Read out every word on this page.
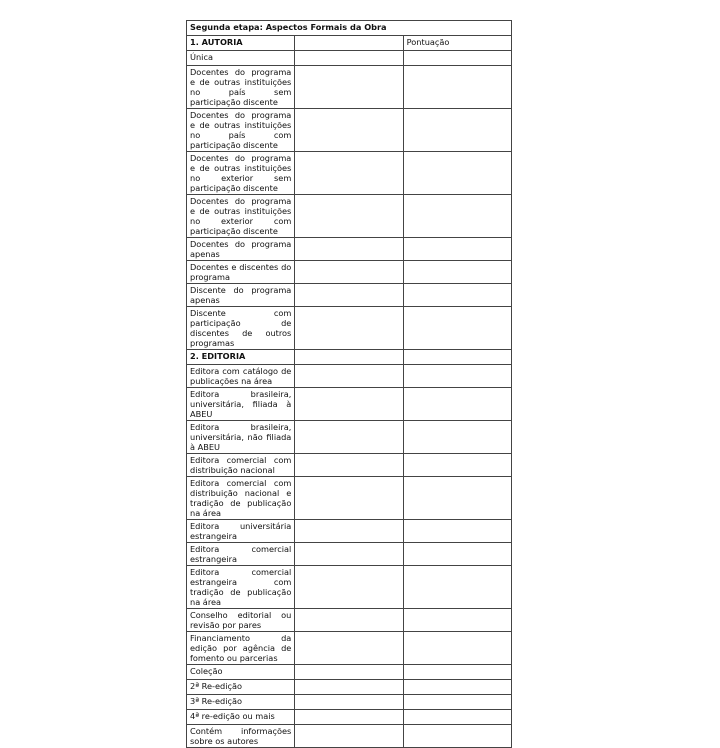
Segunda etapa: Aspectos Formais da Obra		
1. AUTORIA		Pontuação
Única		
Docentes do programa e de outras instituições no país sem participação discente		
Docentes do programa e de outras instituições no país com participação discente		
Docentes do programa e de outras instituições no exterior sem participação discente		
Docentes do programa e de outras instituições no exterior com participação discente		
Docentes do programa apenas		
Docentes e discentes do programa		
Discente do programa apenas		
Discente com participação de discentes de outros programas		
2. EDITORIA		
Editora com catálogo de publicações na área		
Editora brasileira, universitária, filiada à ABEU		
Editora brasileira, universitária, não filiada à ABEU		
Editora comercial com distribuição nacional		
Editora comercial com distribuição nacional e tradição de publicação na área		
Editora universitária estrangeira		
Editora comercial estrangeira		
Editora comercial estrangeira com tradição de publicação na área		
Conselho editorial ou revisão por pares		
Financiamento da edição por agência de fomento ou parcerias		
Coleção		
2ª Re-edição		
3ª Re-edição		
4ª re-edição ou mais		
Contém informações sobre os autores		
